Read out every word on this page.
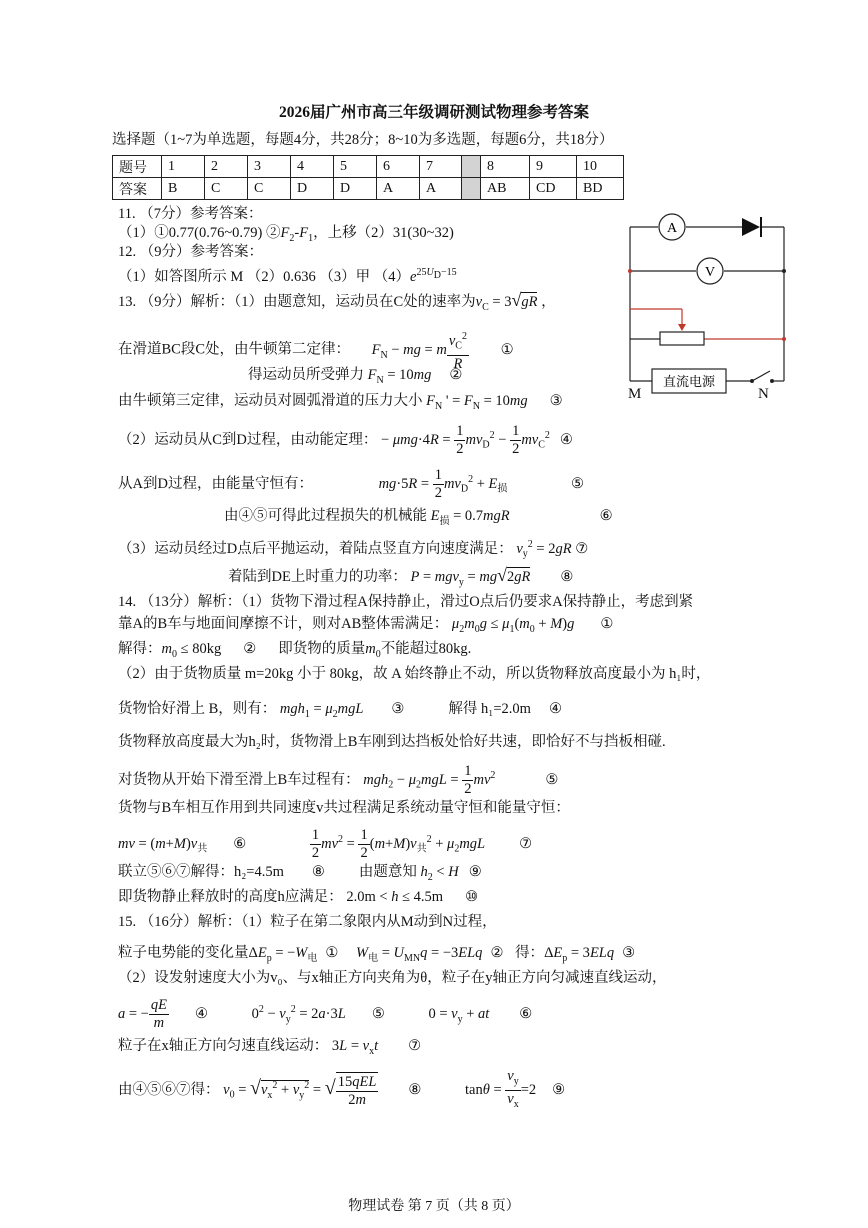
2026届广州市高三年级调研测试物理参考答案
选择题（1~7为单选题，每题4分，共28分；8~10为多选题，每题6分，共18分）
题号	1	2	3	4	5	6	7		8	9	10
答案	B	C	C	D	D	A	A		AB	CD	BD
A
V
直流电源
M	N
11. （7分）参考答案：
（1）①0.77(0.76~0.79) $②F_2-F_1$，上移（2）31(30~32)
12. （9分）参考答案：
（1）如答图所示 M （2）0.636 （3）甲 $(4)e^{25U_D-15}$
13. （9分）解析：（1）由题意知，运动员在C处的速率为$v_C = 3√gR$ ，
在滑道BC段C处，由牛顿第二定律： $F_N$ − mg = m $\frac{v_C^2}{R}$ ①
得运动员所受弹力 $F_N = 10mg$ ②
由牛顿第三定律，运动员对圆弧滑道的压力大小 $F_N$ ' = $F_N = 10mg$ ③
（2）运动员从C到D过程，由动能定理： − $\mu mg\cdot 4R = \frac{1}{2} mv_D^2 - \frac{1}{2} mv_C^2$ ④
从A到D过程，由能量守恒有：	$mg\cdot 5R = \frac{1}{2} mv_D^2 + E_损$	⑤
由④⑤可得此过程损失的机械能 $E_损 = 0.7mgR$	⑥
（3）运动员经过D点后平抛运动，着陆点竖直方向速度满足： $v_y^2 = 2gR$ ⑦
着陆到DE上时重力的功率： P = mgv$_y$ = mg√2gR ⑧
14. （13分）解析：（1）货物下滑过程A保持静止，滑过O点后仍要求A保持静止，考虑到紧
靠A的B车与地面间摩擦不计，则对AB整体需满足： $\mu_2m_0g \le \mu_1(m_0 + M)g$ ①
解得：$m_0 \le 80kg$ ② 即货物的质量$m_0$不能超过80kg.
（2）由于货物质量 m=20kg 小于 80kg，故 A 始终静止不动，所以货物释放高度最小为 h₁时，
货物恰好滑上 B，则有： $mgh_1 = \mu_2mgL$ ③	解得 h₁=2.0m ④
货物释放高度最大为h₂时，货物滑上B车刚到达挡板处恰好共速，即恰好不与挡板相碰.
对货物从开始下滑至滑上B车过程有： $mgh_2 - \mu_2mgL = \frac{1}{2} mv^2$	⑤
货物与B车相互作用到共同速度v共过程满足系统动量守恒和能量守恒：
mv = $(m+M)v_共$ ⑥	$\frac{1}{2} mv^2 = \frac{1}{2} (m+M)v_共^2 + \mu_2mgL$ ⑦
联立⑤⑥⑦解得：h₂=4.5m ⑧ 由题意知 $h_2 < H$ ⑨
即货物静止释放时的高度h应满足： 2.0m < h ≤ 4.5m ⑩
15. （16分）解析：（1）粒子在第二象限内从M动到N过程，
粒子电势能的变化量$\Delta E_p = -W_电$ ① $W_电 = U_{MN}q = -3ELq$ ② 得：$\Delta E_p = 3ELq$ ③
（2）设发射速度大小为v₀、与x轴正方向夹角为θ，粒子在y轴正方向匀减速直线运动，
a = − $\frac{qE}{m}$ ④	$0^2 - v_y^2 = 2a\cdot 3L$ ⑤	$0 = v_y$ + at ⑥
粒子在x轴正方向匀速直线运动： $3L = v_xt$ ⑦
由④⑤⑥⑦得： $v_0 = √v_x^2 + v_y^2$ = √ $\frac{\text{15qEL}}{2m}$ ⑧	$\tan\theta = \frac{v_y}{v_x} =2$ ⑨
物理试卷 第 7 页（共 8 页）
